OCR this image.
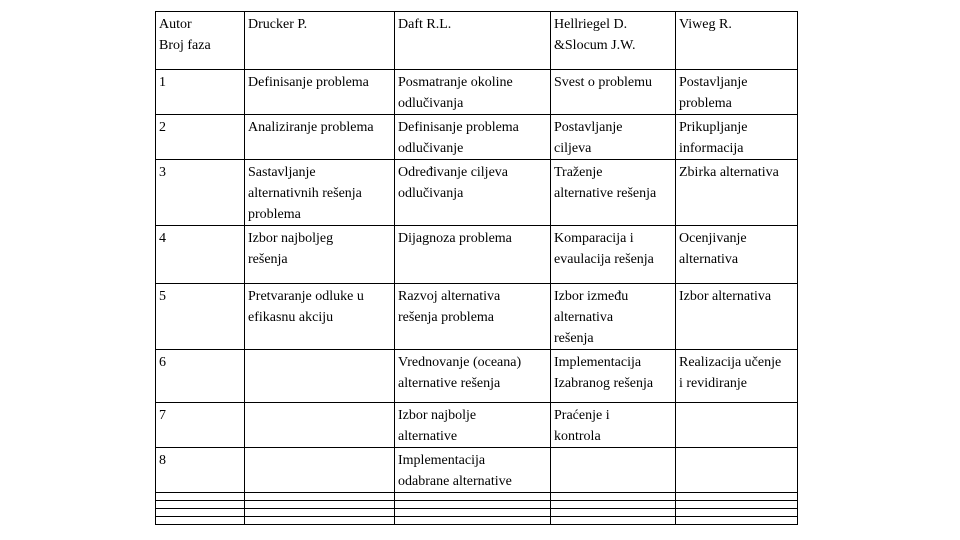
Autor
Broj faza	Drucker P.	Daft R.L.	Hellriegel D.
&Slocum J.W.	Viweg R.

1	Definisanje problema	Posmatranje okoline
odlučivanja	Svest o problemu	Postavljanje
problema

2	Analiziranje problema	Definisanje problema
odlučivanje	Postavljanje
ciljeva	Prikupljanje
informacija

3	Sastavljanje
alternativnih rešenja
problema	Određivanje ciljeva
odlučivanja	Traženje
alternative rešenja	Zbirka alternativa

4	Izbor najboljeg
rešenja	Dijagnoza problema	Komparacija i
evaulacija rešenja	Ocenjivanje
alternativa

5	Pretvaranje odluke u
efikasnu akciju	Razvoj alternativa
rešenja problema	Izbor između
alternativa
rešenja	Izbor alternativa

6		Vrednovanje (oceana)
alternative rešenja	Implementacija
Izabranog rešenja	Realizacija učenje
i revidiranje

7		Izbor najbolje
alternative	Praćenje i
kontrola	

8		Implementacija
odabrane alternative		
